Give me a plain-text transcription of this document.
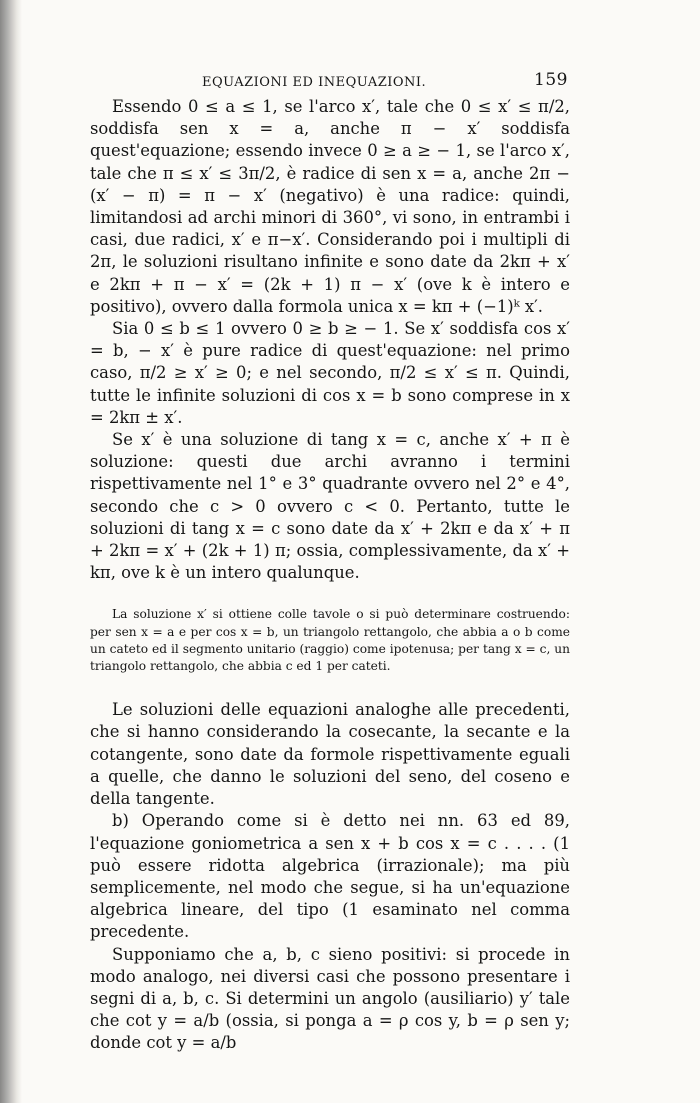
EQUAZIONI ED INEQUAZIONI.	159

Essendo 0 ≤ a ≤ 1, se l'arco x′, tale che 0 ≤ x′ ≤ π/2, soddisfa sen x = a, anche π − x′ soddisfa quest'equazione; essendo invece 0 ≥ a ≥ − 1, se l'arco x′, tale che π ≤ x′ ≤ 3π/2, è radice di sen x = a, anche 2π − (x′ − π) = π − x′ (negativo) è una radice: quindi, limitandosi ad archi minori di 360°, vi sono, in entrambi i casi, due radici, x′ e π−x′. Considerando poi i multipli di 2π, le soluzioni risultano infinite e sono date da 2kπ + x′ e 2kπ + π − x′ = (2k + 1) π − x′ (ove k è intero e positivo), ovvero dalla formola unica x = kπ + (−1)ᵏ x′.

Sia 0 ≤ b ≤ 1 ovvero 0 ≥ b ≥ − 1. Se x′ soddisfa cos x′ = b, − x′ è pure radice di quest'equazione: nel primo caso, π/2 ≥ x′ ≥ 0; e nel secondo, π/2 ≤ x′ ≤ π. Quindi, tutte le infinite soluzioni di cos x = b sono comprese in x = 2kπ ± x′.

Se x′ è una soluzione di tang x = c, anche x′ + π è soluzione: questi due archi avranno i termini rispettivamente nel 1° e 3° quadrante ovvero nel 2° e 4°, secondo che c > 0 ovvero c < 0. Pertanto, tutte le soluzioni di tang x = c sono date da x′ + 2kπ e da x′ + π + 2kπ = x′ + (2k + 1) π; ossia, complessivamente, da x′ + kπ, ove k è un intero qualunque.

La soluzione x′ si ottiene colle tavole o si può determinare costruendo: per sen x = a e per cos x = b, un triangolo rettangolo, che abbia a o b come un cateto ed il segmento unitario (raggio) come ipotenusa; per tang x = c, un triangolo rettangolo, che abbia c ed 1 per cateti.

Le soluzioni delle equazioni analoghe alle precedenti, che si hanno considerando la cosecante, la secante e la cotangente, sono date da formole rispettivamente eguali a quelle, che danno le soluzioni del seno, del coseno e della tangente.

b) Operando come si è detto nei nn. 63 ed 89, l'equazione goniometrica a sen x + b cos x = c . . . . (1 può essere ridotta algebrica (irrazionale); ma più semplicemente, nel modo che segue, si ha un'equazione algebrica lineare, del tipo (1 esaminato nel comma precedente.

Supponiamo che a, b, c sieno positivi: si procede in modo analogo, nei diversi casi che possono presentare i segni di a, b, c. Si determini un angolo (ausiliario) y′ tale che cot y = a/b (ossia, si ponga a = ρ cos y, b = ρ sen y; donde cot y = a/b
